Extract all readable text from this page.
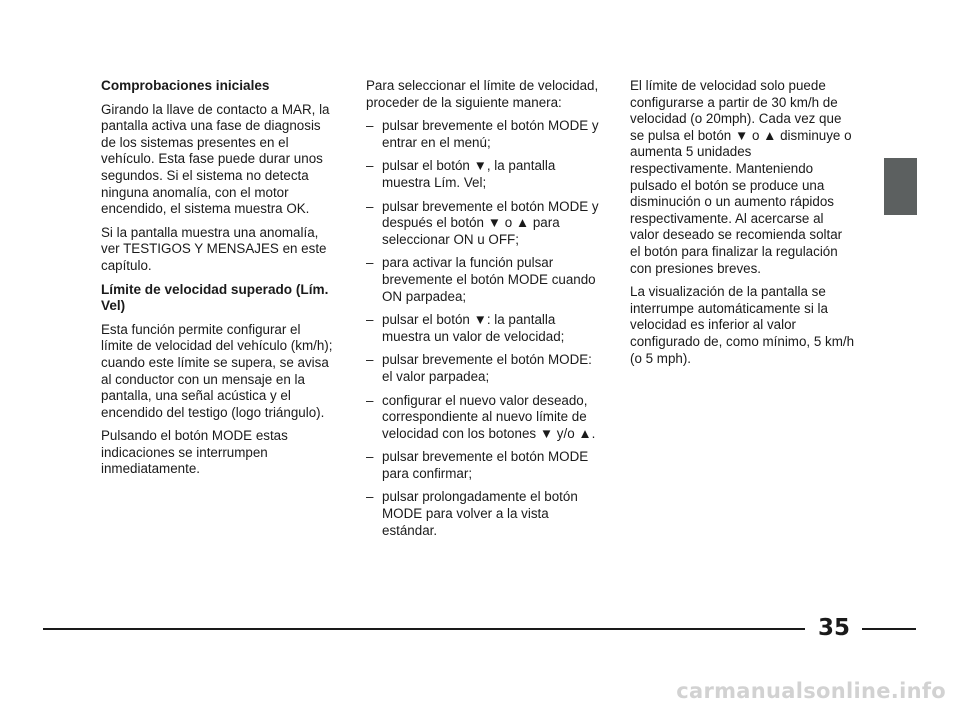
Comprobaciones iniciales

Girando la llave de contacto a MAR, la pantalla activa una fase de diagnosis de los sistemas presentes en el vehículo. Esta fase puede durar unos segundos. Si el sistema no detecta ninguna anomalía, con el motor encendido, el sistema muestra OK.

Si la pantalla muestra una anomalía, ver TESTIGOS Y MENSAJES en este capítulo.

Límite de velocidad superado (Lím. Vel)

Esta función permite configurar el límite de velocidad del vehículo (km/h); cuando este límite se supera, se avisa al conductor con un mensaje en la pantalla, una señal acústica y el encendido del testigo (logo triángulo).

Pulsando el botón MODE estas indicaciones se interrumpen inmediatamente.

Para seleccionar el límite de velocidad, proceder de la siguiente manera:

– pulsar brevemente el botón MODE y entrar en el menú;
– pulsar el botón ▼, la pantalla muestra Lím. Vel;
– pulsar brevemente el botón MODE y después el botón ▼ o ▲ para seleccionar ON u OFF;
– para activar la función pulsar brevemente el botón MODE cuando ON parpadea;
– pulsar el botón ▼: la pantalla muestra un valor de velocidad;
– pulsar brevemente el botón MODE: el valor parpadea;
– configurar el nuevo valor deseado, correspondiente al nuevo límite de velocidad con los botones ▼ y/o ▲.
– pulsar brevemente el botón MODE para confirmar;
– pulsar prolongadamente el botón MODE para volver a la vista estándar.

El límite de velocidad solo puede configurarse a partir de 30 km/h de velocidad (o 20mph). Cada vez que se pulsa el botón ▼ o ▲ disminuye o aumenta 5 unidades respectivamente. Manteniendo pulsado el botón se produce una disminución o un aumento rápidos respectivamente. Al acercarse al valor deseado se recomienda soltar el botón para finalizar la regulación con presiones breves.

La visualización de la pantalla se interrumpe automáticamente si la velocidad es inferior al valor configurado de, como mínimo, 5 km/h (o 5 mph).

35
carmanualsonline.info
